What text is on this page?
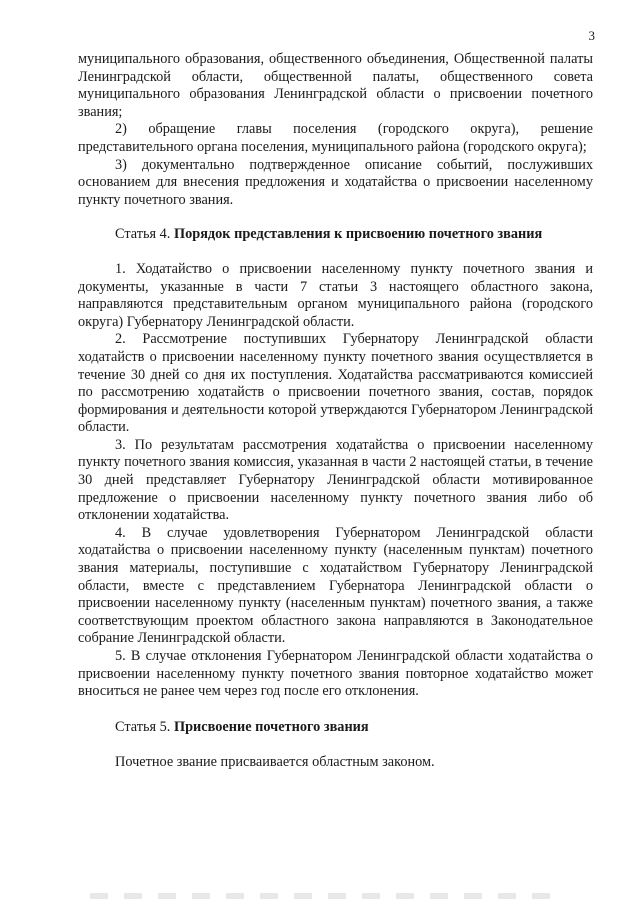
3

муниципального образования, общественного объединения, Общественной палаты Ленинградской области, общественной палаты, общественного совета муниципального образования Ленинградской области о присвоении почетного звания;

2) обращение главы поселения (городского округа), решение представительного органа поселения, муниципального района (городского округа);

3) документально подтвержденное описание событий, послуживших основанием для внесения предложения и ходатайства о присвоении населенному пункту почетного звания.

Статья 4. Порядок представления к присвоению почетного звания

1. Ходатайство о присвоении населенному пункту почетного звания и документы, указанные в части 7 статьи 3 настоящего областного закона, направляются представительным органом муниципального района (городского округа) Губернатору Ленинградской области.

2. Рассмотрение поступивших Губернатору Ленинградской области ходатайств о присвоении населенному пункту почетного звания осуществляется в течение 30 дней со дня их поступления. Ходатайства рассматриваются комиссией по рассмотрению ходатайств о присвоении почетного звания, состав, порядок формирования и деятельности которой утверждаются Губернатором Ленинградской области.

3. По результатам рассмотрения ходатайства о присвоении населенному пункту почетного звания комиссия, указанная в части 2 настоящей статьи, в течение 30 дней представляет Губернатору Ленинградской области мотивированное предложение о присвоении населенному пункту почетного звания либо об отклонении ходатайства.

4. В случае удовлетворения Губернатором Ленинградской области ходатайства о присвоении населенному пункту (населенным пунктам) почетного звания материалы, поступившие с ходатайством Губернатору Ленинградской области, вместе с представлением Губернатора Ленинградской области о присвоении населенному пункту (населенным пунктам) почетного звания, а также соответствующим проектом областного закона направляются в Законодательное собрание Ленинградской области.

5. В случае отклонения Губернатором Ленинградской области ходатайства о присвоении населенному пункту почетного звания повторное ходатайство может вноситься не ранее чем через год после его отклонения.

Статья 5. Присвоение почетного звания

Почетное звание присваивается областным законом.
